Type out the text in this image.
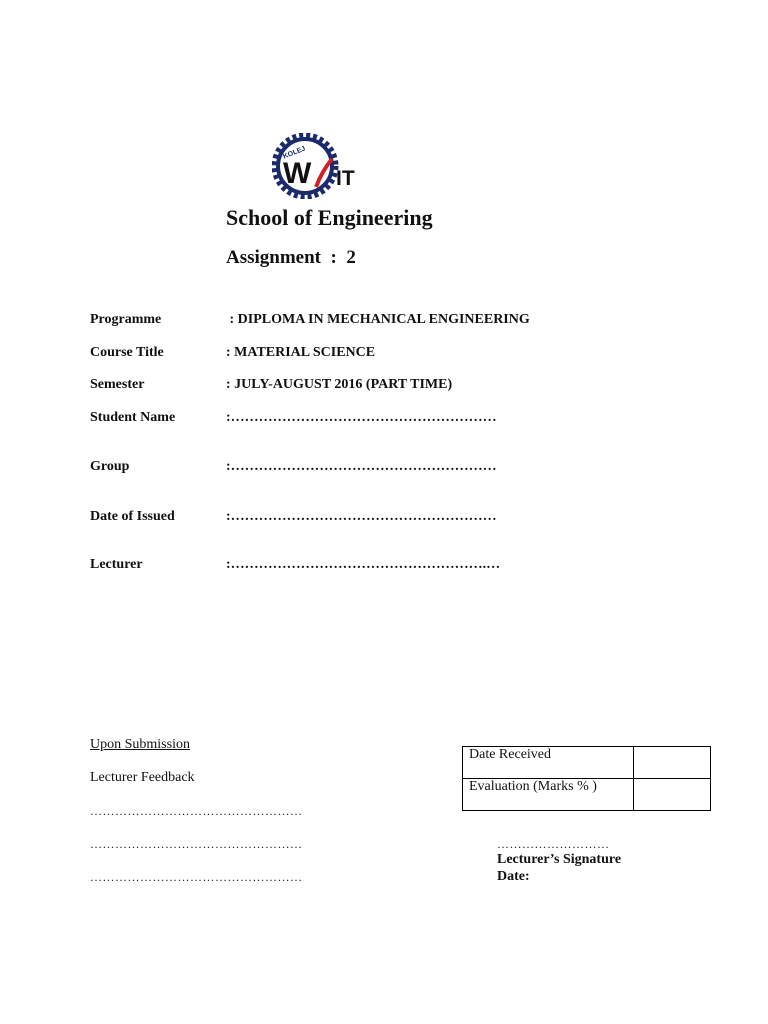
KOLEJ
W IT
School of Engineering
Assignment  :  2
Programme	: DIPLOMA IN MECHANICAL ENGINEERING
Course Title	: MATERIAL SCIENCE
Semester	: JULY-AUGUST 2016 (PART TIME)
Student Name	:…………………………………………………
Group	:…………………………………………………
Date of Issued	:…………………………………………………
Lecturer	:……………………………………………….…
Upon Submission
Lecturer Feedback
……………………………………………
……………………………………………
……………………………………………
Date Received	
Evaluation (Marks % )	
………………………
Lecturer’s Signature
Date:
